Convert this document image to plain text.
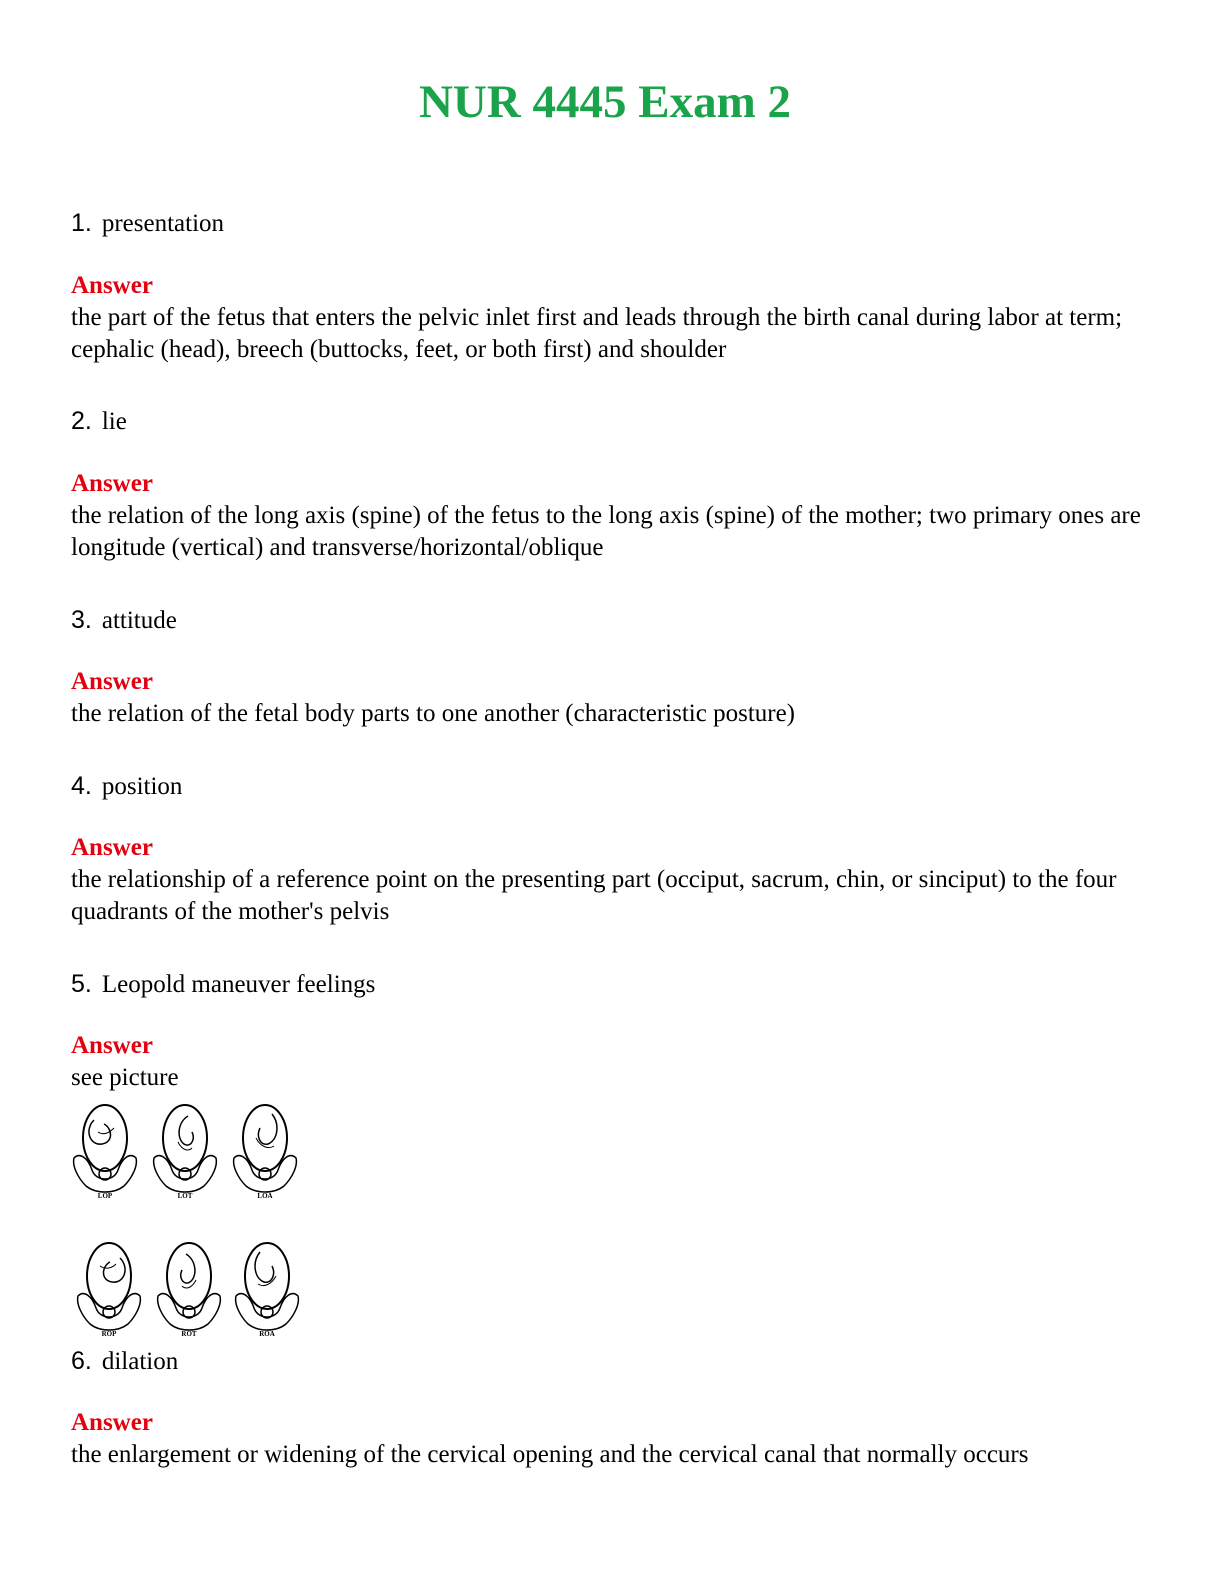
NUR 4445 Exam 2
1. presentation
Answer
the part of the fetus that enters the pelvic inlet first and leads through the birth canal during labor at term; cephalic (head), breech (buttocks, feet, or both first) and shoulder
2. lie
Answer
the relation of the long axis (spine) of the fetus to the long axis (spine) of the mother; two primary ones are longitude (vertical) and transverse/horizontal/oblique
3. attitude
Answer
the relation of the fetal body parts to one another (characteristic posture)
4. position
Answer
the relationship of a reference point on the presenting part (occiput, sacrum, chin, or sinciput) to the four quadrants of the mother's pelvis
5. Leopold maneuver feelings
Answer
see picture
LOP	LOT	LOA
ROP	ROT	ROA
6. dilation
Answer
the enlargement or widening of the cervical opening and the cervical canal that normally occurs
